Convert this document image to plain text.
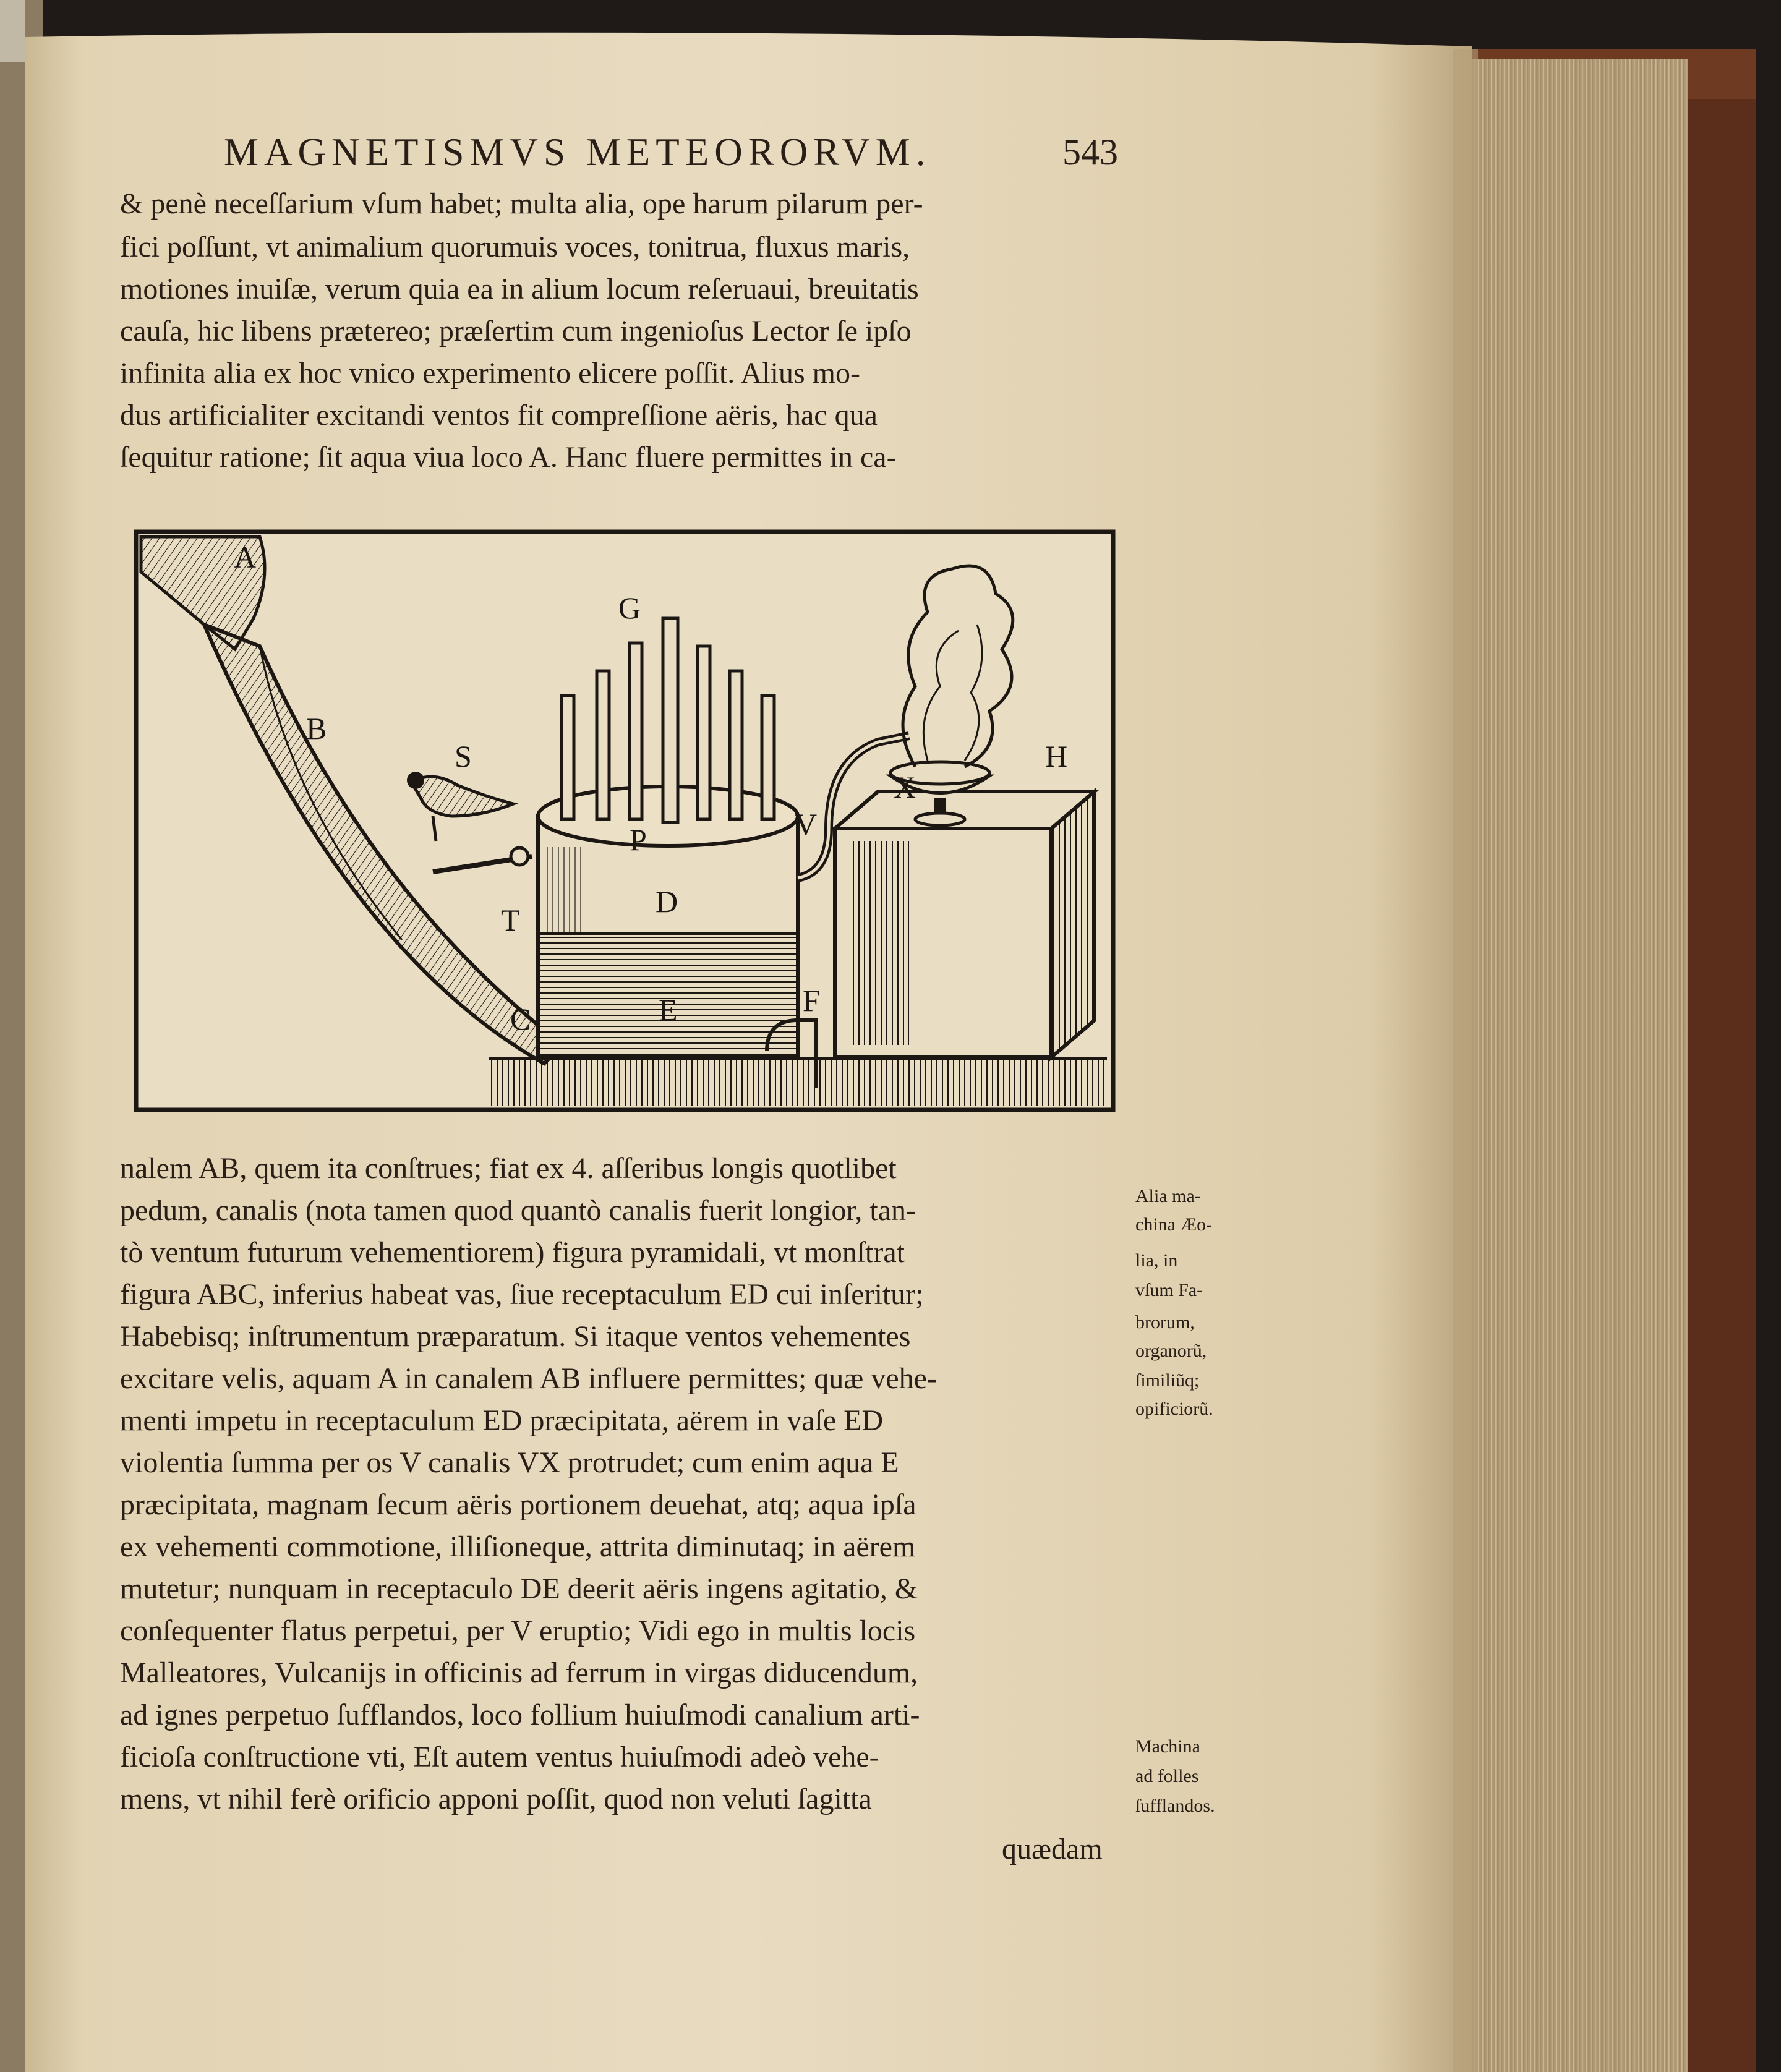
A
B
C
D
E	F
G
H
P
S
T
V
X
MAGNETISMVS METEORORVM.	543
& penè neceſſarium vſum habet; multa alia, ope harum pilarum per-
fici poſſunt, vt animalium quorumuis voces, tonitrua, fluxus maris,
motiones inuiſæ, verum quia ea in alium locum reſeruaui, breuitatis
cauſa, hic libens prætereo; præſertim cum ingenioſus Lector ſe ipſo
infinita alia ex hoc vnico experimento elicere poſſit. Alius mo-
dus artificialiter excitandi ventos fit compreſſione aëris, hac qua
ſequitur ratione; ſit aqua viua loco A. Hanc fluere permittes in ca-
nalem AB, quem ita conſtrues; fiat ex 4. aſſeribus longis quotlibet
pedum, canalis (nota tamen quod quantò canalis fuerit longior, tan-
tò ventum futurum vehementiorem) figura pyramidali, vt monſtrat
figura ABC, inferius habeat vas, ſiue receptaculum ED cui inſeritur;
Habebisq; inſtrumentum præparatum. Si itaque ventos vehementes
excitare velis, aquam A in canalem AB influere permittes; quæ vehe-
menti impetu in receptaculum ED præcipitata, aërem in vaſe ED
violentia ſumma per os V canalis VX protrudet; cum enim aqua E
præcipitata, magnam ſecum aëris portionem deuehat, atq; aqua ipſa
ex vehementi commotione, illiſioneque, attrita diminutaq; in aërem
mutetur; nunquam in receptaculo DE deerit aëris ingens agitatio, &
conſequenter flatus perpetui, per V eruptio; Vidi ego in multis locis
Malleatores, Vulcanijs in officinis ad ferrum in virgas diducendum,
ad ignes perpetuo ſufflandos, loco follium huiuſmodi canalium arti-
ficioſa conſtructione vti, Eſt autem ventus huiuſmodi adeò vehe-
mens, vt nihil ferè orificio apponi poſſit, quod non veluti ſagitta
quædam
Alia ma-
china Æo-
lia, in
vſum Fa-
brorum,
organorũ,
ſimiliũq;
opificiorũ.
Machina
ad folles
ſufflandos.
